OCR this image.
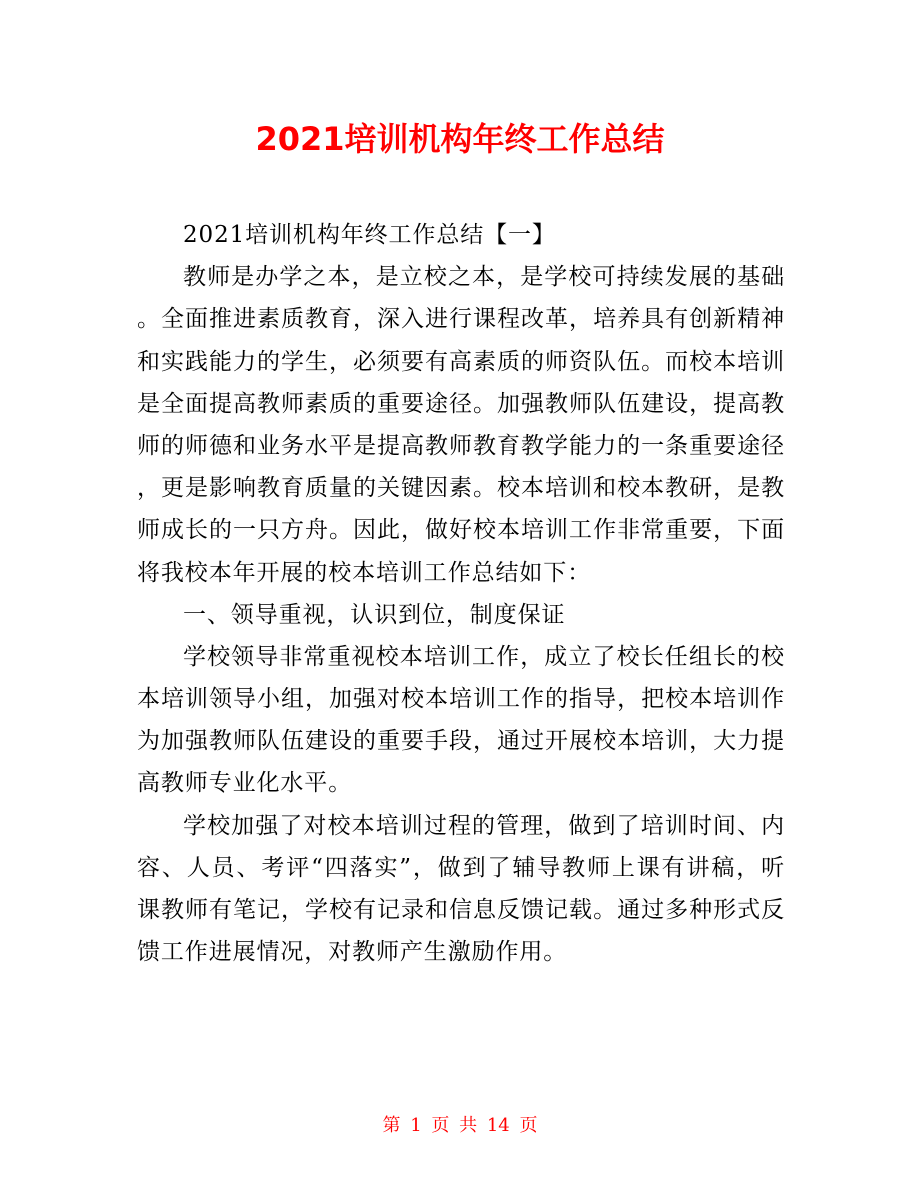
2021培训机构年终工作总结
2021培训机构年终工作总结【一】
教师是办学之本，是立校之本，是学校可持续发展的基础
。全面推进素质教育，深入进行课程改革，培养具有创新精神
和实践能力的学生，必须要有高素质的师资队伍。而校本培训
是全面提高教师素质的重要途径。加强教师队伍建设，提高教
师的师德和业务水平是提高教师教育教学能力的一条重要途径
，更是影响教育质量的关键因素。校本培训和校本教研，是教
师成长的一只方舟。因此，做好校本培训工作非常重要，下面
将我校本年开展的校本培训工作总结如下：
一、领导重视，认识到位，制度保证
学校领导非常重视校本培训工作，成立了校长任组长的校
本培训领导小组，加强对校本培训工作的指导，把校本培训作
为加强教师队伍建设的重要手段，通过开展校本培训，大力提
高教师专业化水平。
学校加强了对校本培训过程的管理，做到了培训时间、内
容、人员、考评“四落实”，做到了辅导教师上课有讲稿，听
课教师有笔记，学校有记录和信息反馈记载。通过多种形式反
馈工作进展情况，对教师产生激励作用。
第 1 页 共 14 页
